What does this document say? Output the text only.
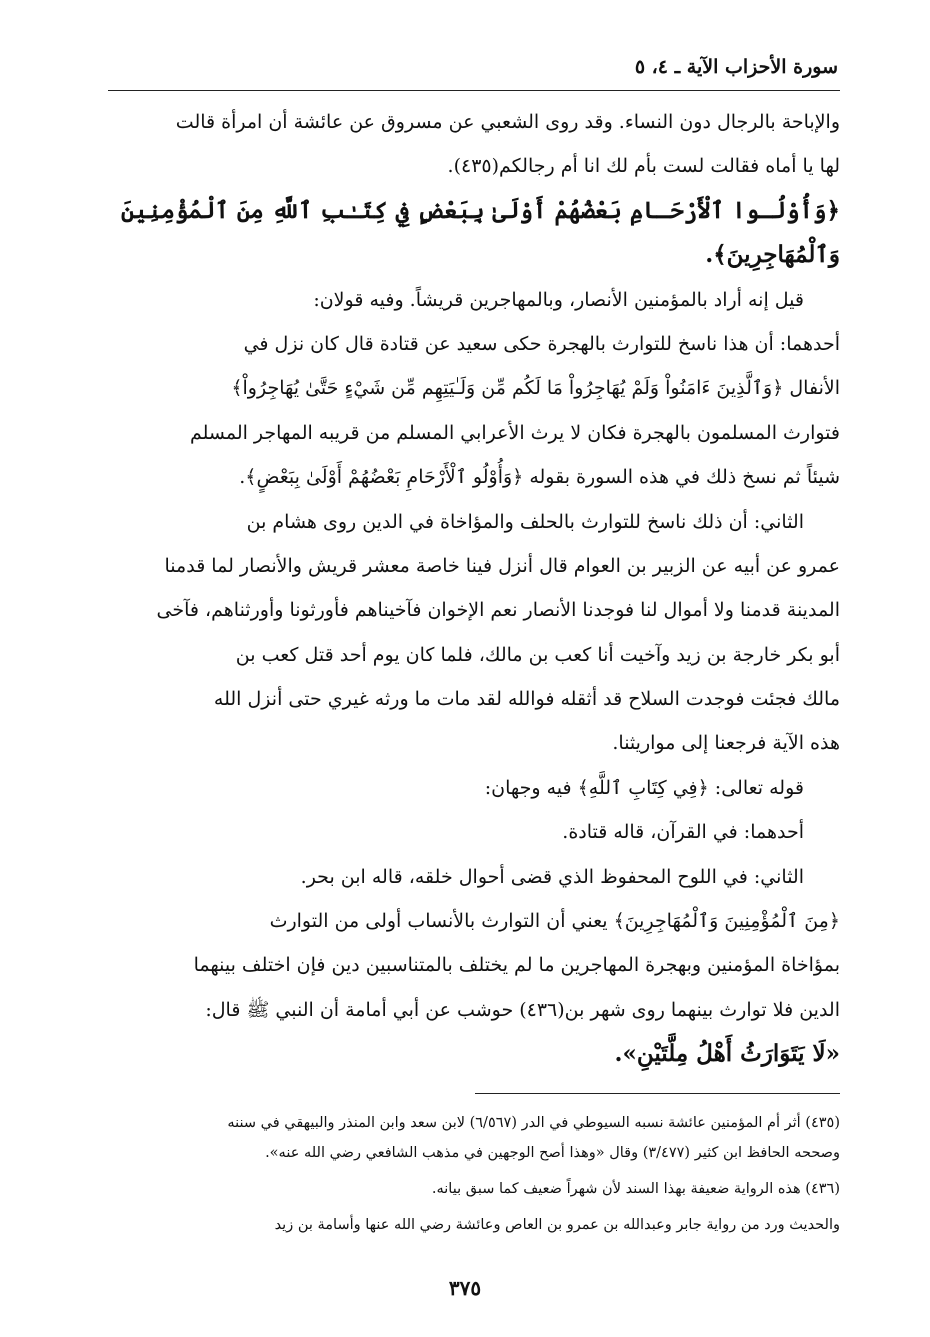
سورة الأحزاب الآية ـ ٤، ٥
والإباحة بالرجال دون النساء. وقد روى الشعبي عن مسروق عن عائشة أن امرأة قالت
لها يا أماه فقالت لست بأم لك انا أم رجالكم(٤٣٥).
﴿وَأُوْلُـوا ٱلْأَرْحَـامِ بَعْضُهُمْ أَوْلَىٰ بِبَعْضٍ فِي كِتَـٰبِ ٱللَّهِ مِنَ ٱلْمُؤْمِنِينَ
وَٱلْمُهَاجِرِينَ﴾.
قيل إنه أراد بالمؤمنين الأنصار، وبالمهاجرين قريشاً. وفيه قولان:
أحدهما: أن هذا ناسخ للتوارث بالهجرة حكى سعيد عن قتادة قال كان نزل في
الأنفال ﴿وَٱلَّذِينَ ءَامَنُواْ وَلَمْ يُهَاجِرُواْ مَا لَكُم مِّن وَلَـٰيَتِهِم مِّن شَيْءٍ حَتَّىٰ يُهَاجِرُواْ﴾
فتوارث المسلمون بالهجرة فكان لا يرث الأعرابي المسلم من قريبه المهاجر المسلم
شيئاً ثم نسخ ذلك في هذه السورة بقوله ﴿وَأُوْلُو ٱلْأَرْحَامِ بَعْضُهُمْ أَوْلَىٰ بِبَعْضٍ﴾.
الثاني: أن ذلك ناسخ للتوارث بالحلف والمؤاخاة في الدين روى هشام بن
عمرو عن أبيه عن الزبير بن العوام قال أنزل فينا خاصة معشر قريش والأنصار لما قدمنا
المدينة قدمنا ولا أموال لنا فوجدنا الأنصار نعم الإخوان فآخيناهم فأورثونا وأورثناهم، فآخى
أبو بكر خارجة بن زيد وآخيت أنا كعب بن مالك، فلما كان يوم أحد قتل كعب بن
مالك فجئت فوجدت السلاح قد أثقله فوالله لقد مات ما ورثه غيري حتى أنزل الله
هذه الآية فرجعنا إلى مواريثنا.
قوله تعالى: ﴿فِي كِتَابِ ٱللَّهِ﴾ فيه وجهان:
أحدهما: في القرآن، قاله قتادة.
الثاني: في اللوح المحفوظ الذي قضى أحوال خلقه، قاله ابن بحر.
﴿مِنَ ٱلْمُؤْمِنِينَ وَٱلْمُهَاجِرِينَ﴾ يعني أن التوارث بالأنساب أولى من التوارث
بمؤاخاة المؤمنين وبهجرة المهاجرين ما لم يختلف بالمتناسبين دين فإن اختلف بينهما
الدين فلا توارث بينهما روى شهر بن(٤٣٦) حوشب عن أبي أمامة أن النبي ﷺ قال:
«لَا يَتَوَارَثُ أَهْلُ مِلَّتَيْنِ».
(٤٣٥) أثر أم المؤمنين عائشة نسبه السيوطي في الدر (٦/٥٦٧) لابن سعد وابن المنذر والبيهقي في سننه
وصححه الحافظ ابن كثير (٣/٤٧٧) وقال «وهذا أصح الوجهين في مذهب الشافعي رضي الله عنه».
(٤٣٦) هذه الرواية ضعيفة بهذا السند لأن شهراً ضعيف كما سبق بيانه.
والحديث ورد من رواية جابر وعبدالله بن عمرو بن العاص وعائشة رضي الله عنها وأسامة بن زيد
٣٧٥
